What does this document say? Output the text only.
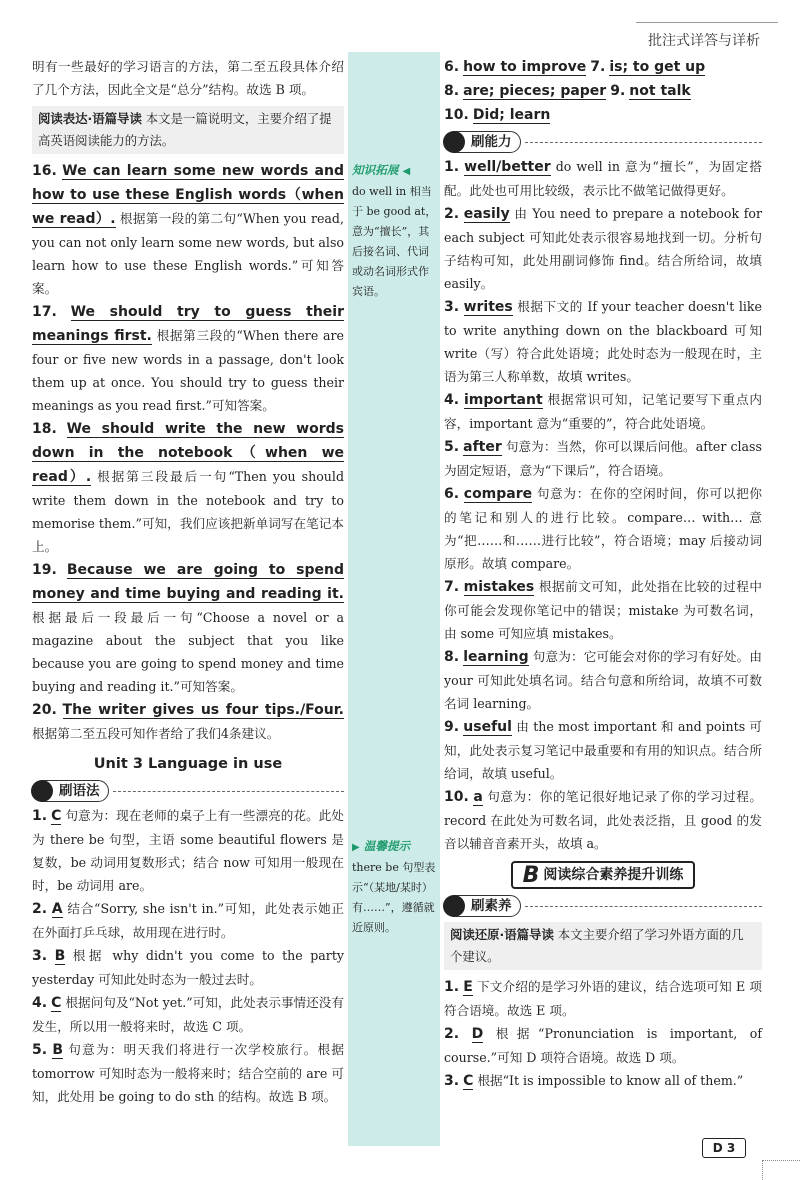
批注式详答与详析
知识拓展 ◀
do well in 相当于 be good at，意为“擅长”，其后接名词、代词或动名词形式作宾语。
▶ 温馨提示
there be 句型表示“（某地/某时）有……”，遵循就近原则。

明有一些最好的学习语言的方法，第二至五段具体介绍了几个方法，因此全文是“总分”结构。故选 B 项。

阅读表达·语篇导读 本文是一篇说明文，主要介绍了提高英语阅读能力的方法。

16. We can learn some new words and how to use these English words（when we read）. 根据第一段的第二句“When you read, you can not only learn some new words, but also learn how to use these English words.”可知答案。

17. We should try to guess their meanings first. 根据第三段的“When there are four or five new words in a passage, don't look them up at once. You should try to guess their meanings as you read first.”可知答案。

18. We should write the new words down in the notebook（when we read）. 根据第三段最后一句“Then you should write them down in the notebook and try to memorise them.”可知，我们应该把新单词写在笔记本上。

19. Because we are going to spend money and time buying and reading it. 根据最后一段最后一句“Choose a novel or a magazine about the subject that you like because you are going to spend money and time buying and reading it.”可知答案。

20. The writer gives us four tips./Four. 根据第二至五段可知作者给了我们4条建议。

Unit 3 Language in use
刷语法

1. C 句意为：现在老师的桌子上有一些漂亮的花。此处为 there be 句型，主语 some beautiful flowers 是复数，be 动词用复数形式；结合 now 可知用一般现在时，be 动词用 are。

2. A 结合“Sorry, she isn't in.”可知，此处表示她正在外面打乒乓球，故用现在进行时。

3. B 根据 why didn't you come to the party yesterday 可知此处时态为一般过去时。

4. C 根据问句及“Not yet.”可知，此处表示事情还没有发生，所以用一般将来时，故选 C 项。

5. B 句意为：明天我们将进行一次学校旅行。根据 tomorrow 可知时态为一般将来时；结合空前的 are 可知，此处用 be going to do sth 的结构。故选 B 项。

6. how to improve 7. is; to get up

8. are; pieces; paper 9. not talk

10. Did; learn

刷能力

1. well/better do well in 意为“擅长”，为固定搭配。此处也可用比较级，表示比不做笔记做得更好。

2. easily 由 You need to prepare a notebook for each subject 可知此处表示很容易地找到一切。分析句子结构可知，此处用副词修饰 find。结合所给词，故填 easily。

3. writes 根据下文的 If your teacher doesn't like to write anything down on the blackboard 可知 write（写）符合此处语境；此处时态为一般现在时，主语为第三人称单数，故填 writes。

4. important 根据常识可知，记笔记要写下重点内容，important 意为“重要的”，符合此处语境。

5. after 句意为：当然，你可以课后问他。after class 为固定短语，意为“下课后”，符合语境。

6. compare 句意为：在你的空闲时间，你可以把你的笔记和别人的进行比较。compare… with… 意为“把……和……进行比较”，符合语境；may 后接动词原形。故填 compare。

7. mistakes 根据前文可知，此处指在比较的过程中你可能会发现你笔记中的错误；mistake 为可数名词，由 some 可知应填 mistakes。

8. learning 句意为：它可能会对你的学习有好处。由 your 可知此处填名词。结合句意和所给词，故填不可数名词 learning。

9. useful 由 the most important 和 and points 可知，此处表示复习笔记中最重要和有用的知识点。结合所给词，故填 useful。

10. a 句意为：你的笔记很好地记录了你的学习过程。record 在此处为可数名词，此处表泛指，且 good 的发音以辅音音素开头，故填 a。

B 阅读综合素养提升训练
刷素养
阅读还原·语篇导读 本文主要介绍了学习外语方面的几个建议。

1. E 下文介绍的是学习外语的建议，结合选项可知 E 项符合语境。故选 E 项。

2. D 根据“Pronunciation is important, of course.”可知 D 项符合语境。故选 D 项。

3. C 根据“It is impossible to know all of them.”

D 3
